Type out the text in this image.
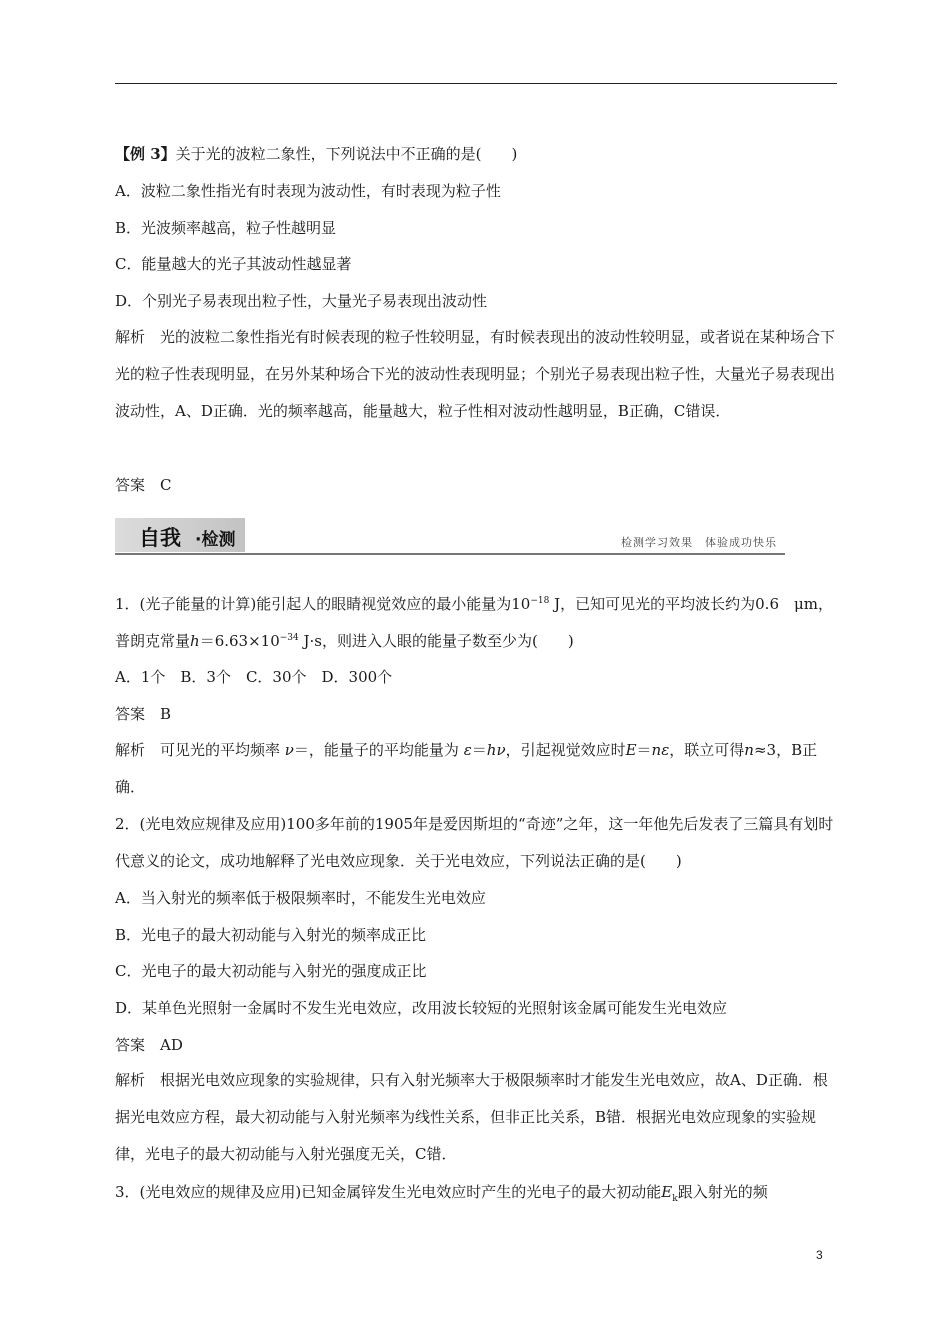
【例 3】关于光的波粒二象性，下列说法中不正确的是(　　)
A．波粒二象性指光有时表现为波动性，有时表现为粒子性
B．光波频率越高，粒子性越明显
C．能量越大的光子其波动性越显著
D．个别光子易表现出粒子性，大量光子易表现出波动性
解析　光的波粒二象性指光有时候表现的粒子性较明显，有时候表现出的波动性较明显，或者说在某种场合下光的粒子性表现明显，在另外某种场合下光的波动性表现明显；个别光子易表现出粒子性，大量光子易表现出波动性，A、D正确．光的频率越高，能量越大，粒子性相对波动性越明显，B正确，C错误．
答案　C
自我 ·检测	检测学习效果　体验成功快乐
1．(光子能量的计算)能引起人的眼睛视觉效应的最小能量为$10^{-18}$ J，已知可见光的平均波长约为0.6　μm，普朗克常量$h=6.63\times 10^{-34}$ J·s，则进入人眼的能量子数至少为(　　)
A．1个　B．3个　C．30个　D．300个
答案　B
解析　可见光的平均频率 ν＝，能量子的平均能量为 ε＝hν，引起视觉效应时E＝nε，联立可得n≈3，B正确．
2．(光电效应规律及应用)100多年前的1905年是爱因斯坦的“奇迹”之年，这一年他先后发表了三篇具有划时代意义的论文，成功地解释了光电效应现象．关于光电效应，下列说法正确的是(　　)
A．当入射光的频率低于极限频率时，不能发生光电效应
B．光电子的最大初动能与入射光的频率成正比
C．光电子的最大初动能与入射光的强度成正比
D．某单色光照射一金属时不发生光电效应，改用波长较短的光照射该金属可能发生光电效应
答案　AD
解析　根据光电效应现象的实验规律，只有入射光频率大于极限频率时才能发生光电效应，故A、D正确．根据光电效应方程，最大初动能与入射光频率为线性关系，但非正比关系，B错．根据光电效应现象的实验规律，光电子的最大初动能与入射光强度无关，C错．
3．(光电效应的规律及应用)已知金属锌发生光电效应时产生的光电子的最大初动能$E_k$跟入射光的频
3
